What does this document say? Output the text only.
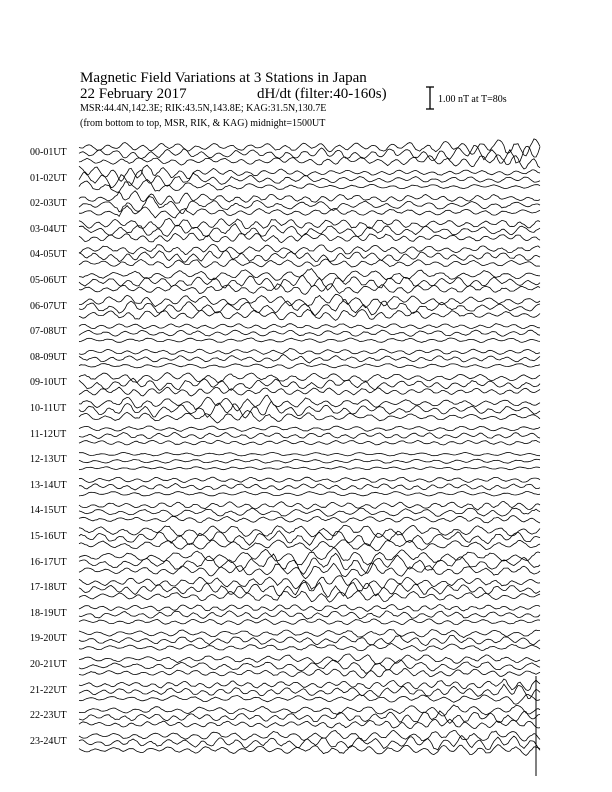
Magnetic Field Variations at 3 Stations in Japan
22 February 2017	dH/dt (filter:40-160s)
MSR:44.4N,142.3E; RIK:43.5N,143.8E; KAG:31.5N,130.7E
(from bottom to top, MSR, RIK, & KAG) midnight=1500UT
1.00 nT at T=80s
00-01UT
01-02UT
02-03UT
03-04UT
04-05UT
05-06UT
06-07UT
07-08UT
08-09UT
09-10UT
10-11UT
11-12UT
12-13UT
13-14UT
14-15UT
15-16UT
16-17UT
17-18UT
18-19UT
19-20UT
20-21UT
21-22UT
22-23UT
23-24UT
